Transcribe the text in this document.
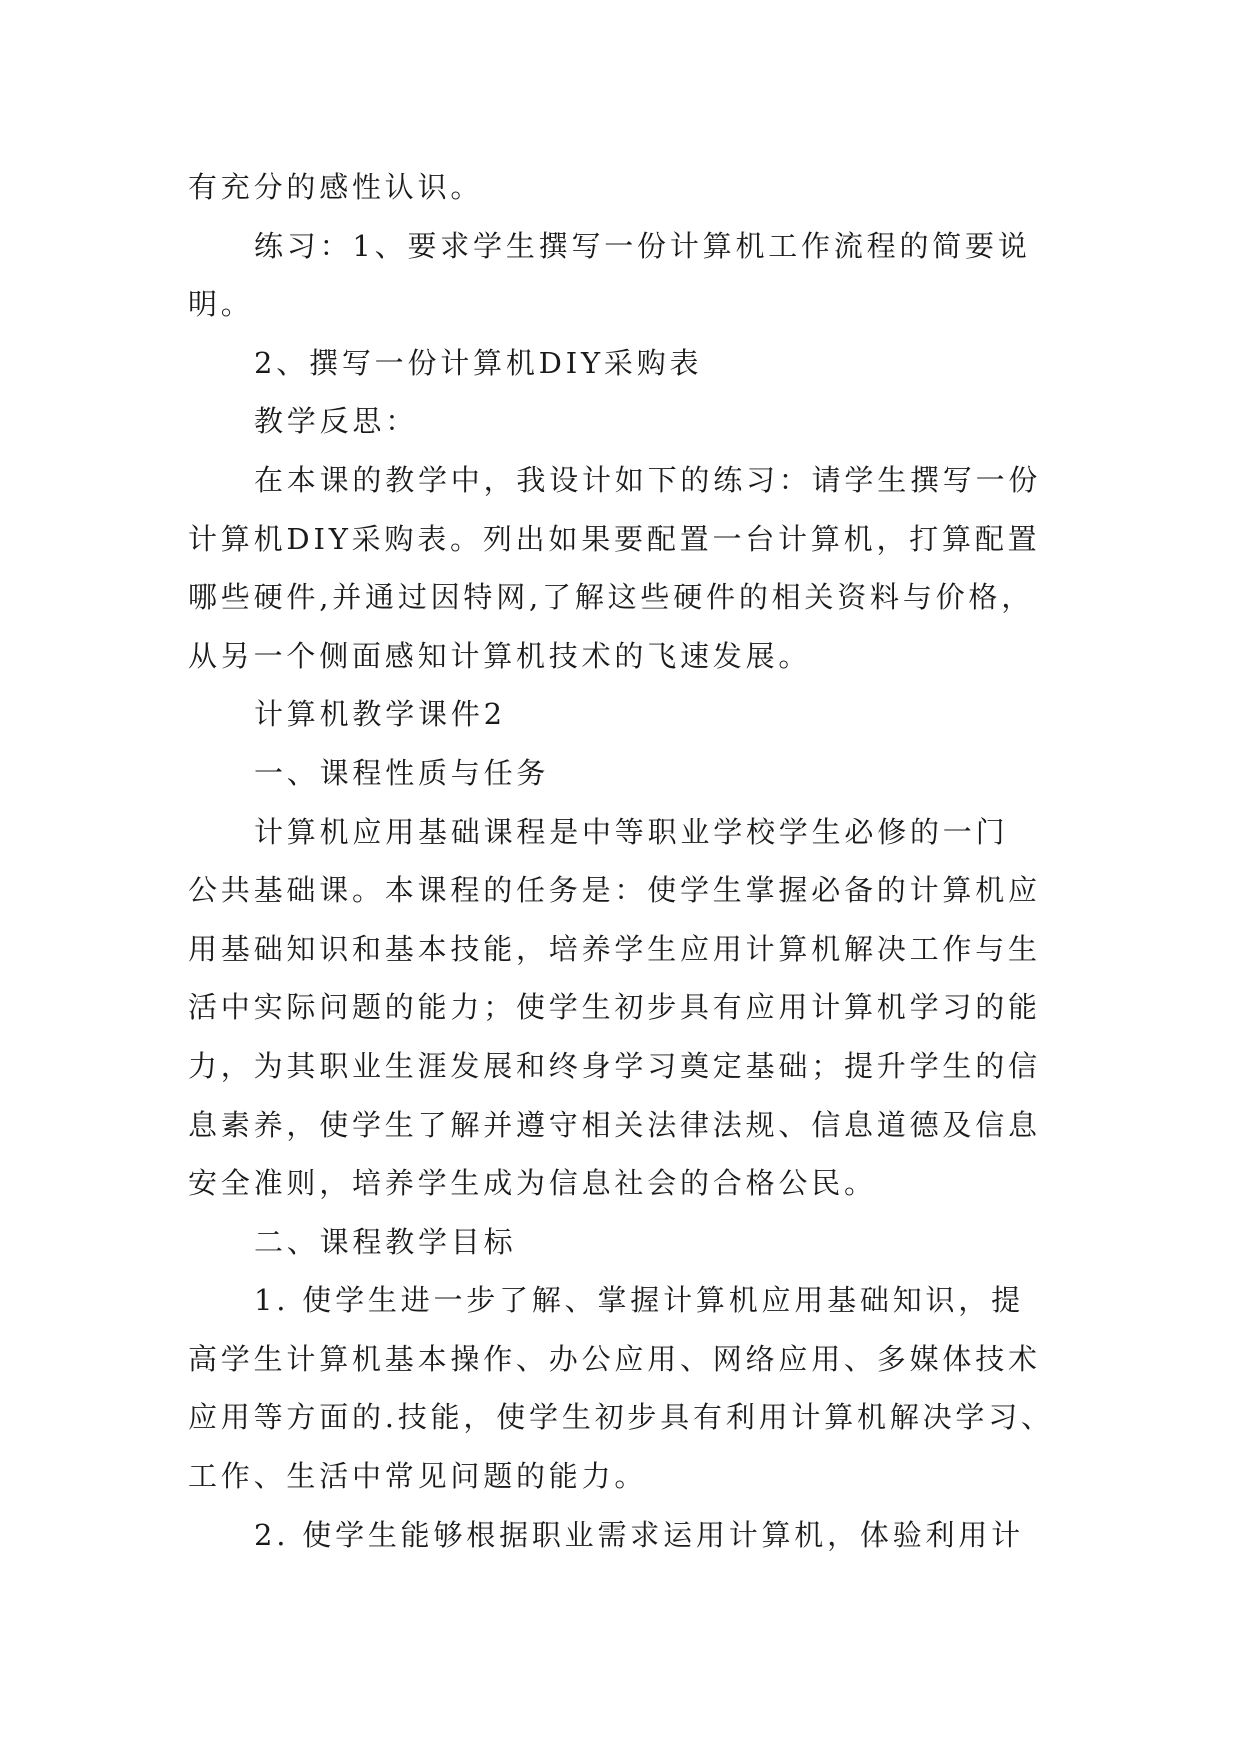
有充分的感性认识。
练习：1、要求学生撰写一份计算机工作流程的简要说
明。
2、撰写一份计算机DIY采购表
教学反思：
在本课的教学中，我设计如下的练习：请学生撰写一份
计算机DIY采购表。列出如果要配置一台计算机，打算配置
哪些硬件,并通过因特网,了解这些硬件的相关资料与价格，
从另一个侧面感知计算机技术的飞速发展。
计算机教学课件2
一、课程性质与任务
计算机应用基础课程是中等职业学校学生必修的一门
公共基础课。本课程的任务是：使学生掌握必备的计算机应
用基础知识和基本技能，培养学生应用计算机解决工作与生
活中实际问题的能力；使学生初步具有应用计算机学习的能
力，为其职业生涯发展和终身学习奠定基础；提升学生的信
息素养，使学生了解并遵守相关法律法规、信息道德及信息
安全准则，培养学生成为信息社会的合格公民。
二、课程教学目标
1. 使学生进一步了解、掌握计算机应用基础知识，提
高学生计算机基本操作、办公应用、网络应用、多媒体技术
应用等方面的.技能，使学生初步具有利用计算机解决学习、
工作、生活中常见问题的能力。
2. 使学生能够根据职业需求运用计算机，体验利用计
